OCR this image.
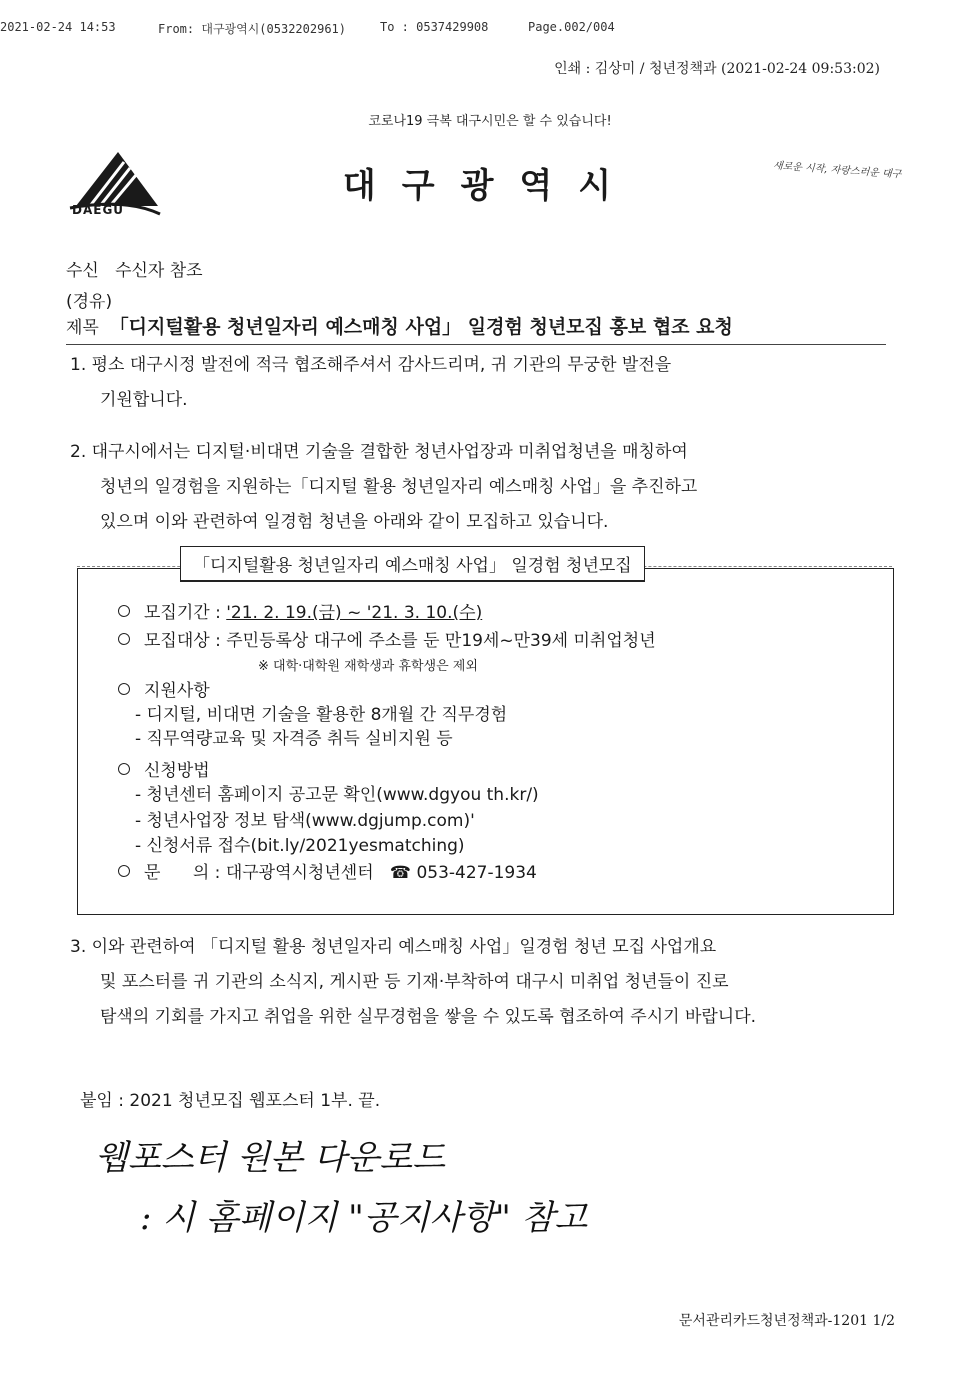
2021-02-24 14:53	From: 대구광역시(0532202961)	To : 0537429908	Page.002/004
인쇄 : 김상미 / 청년정책과 (2021-02-24 09:53:02)
코로나19 극복 대구시민은 할 수 있습니다!
DAEGU
대구광역시	새로운 시작, 자랑스러운 대구
수신 수신자 참조
(경유)
제목 「디지털활용 청년일자리 예스매칭 사업」 일경험 청년모집 홍보 협조 요청
1. 평소 대구시정 발전에 적극 협조해주셔서 감사드리며, 귀 기관의 무궁한 발전을
기원합니다.
2. 대구시에서는 디지털·비대면 기술을 결합한 청년사업장과 미취업청년을 매칭하여
청년의 일경험을 지원하는「디지털 활용 청년일자리 예스매칭 사업」을 추진하고
있으며 이와 관련하여 일경험 청년을 아래와 같이 모집하고 있습니다.
「디지털활용 청년일자리 예스매칭 사업」 일경험 청년모집
모집기간 : '21. 2. 19.(금) ~ '21. 3. 10.(수)
모집대상 : 주민등록상 대구에 주소를 둔 만19세~만39세 미취업청년
※ 대학·대학원 재학생과 휴학생은 제외
지원사항
- 디지털, 비대면 기술을 활용한 8개월 간 직무경험
- 직무역량교육 및 자격증 취득 실비지원 등
신청방법
- 청년센터 홈페이지 공고문 확인(www.dgyou th.kr/)
- 청년사업장 정보 탐색(www.dgjump.com)'
- 신청서류 접수(bit.ly/2021yesmatching)
문      의 : 대구광역시청년센터 ☎ 053-427-1934
3. 이와 관련하여 「디지털 활용 청년일자리 예스매칭 사업」일경험 청년 모집 사업개요
및 포스터를 귀 기관의 소식지, 게시판 등 기재·부착하여 대구시 미취업 청년들이 진로
탐색의 기회를 가지고 취업을 위한 실무경험을 쌓을 수 있도록 협조하여 주시기 바랍니다.
붙임 : 2021 청년모집 웹포스터 1부. 끝.
웹포스터 원본 다운로드
: 시 홈페이지 "공지사항" 참고
문서관리카드청년정책과-1201 1/2
